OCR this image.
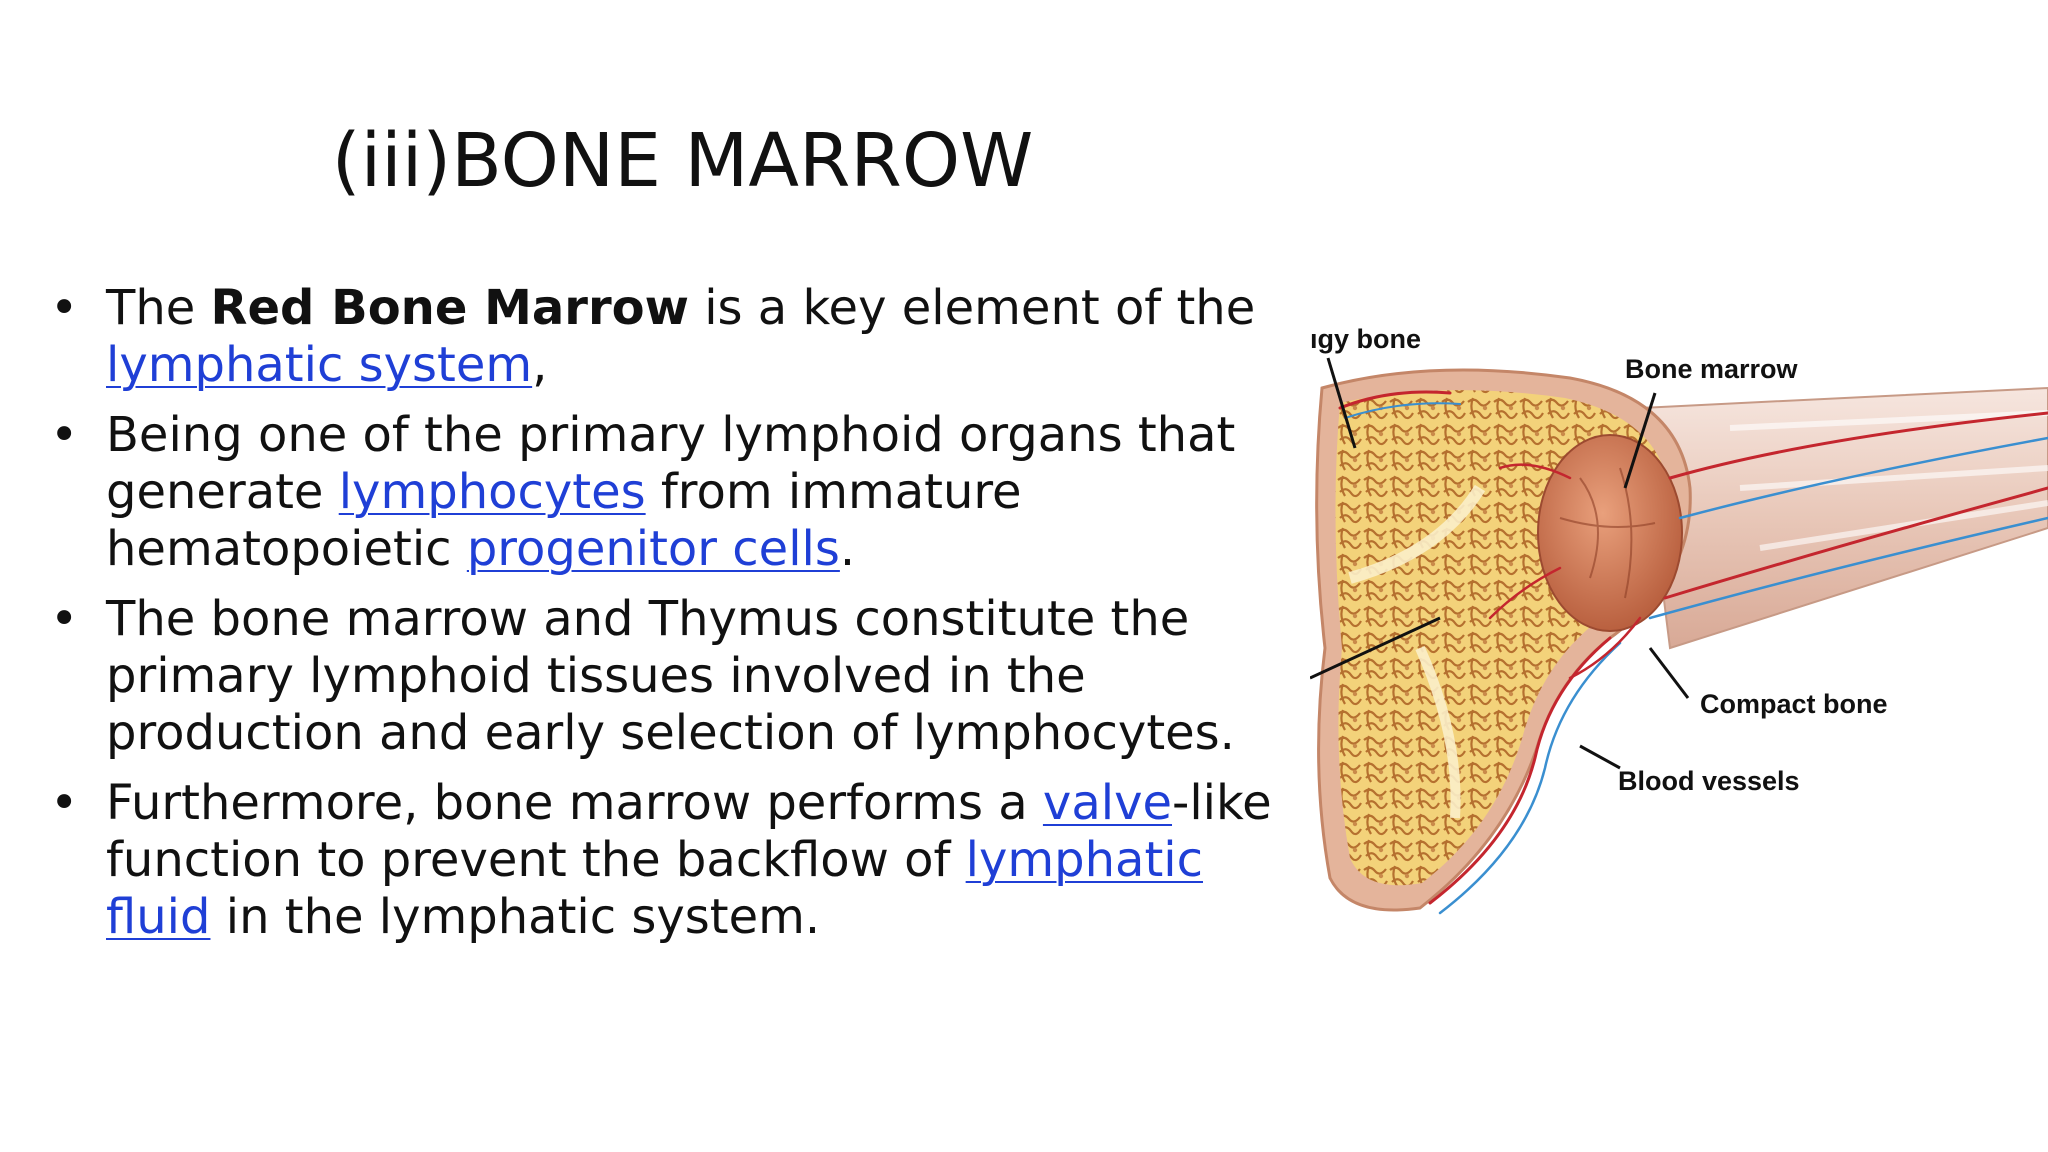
(iii)BONE MARROW
• The Red Bone Marrow is a key element of the lymphatic system,
• Being one of the primary lymphoid organs that generate lymphocytes from immature hematopoietic progenitor cells.
• The bone marrow and Thymus constitute the primary lymphoid tissues involved in the production and early selection of lymphocytes.
• Furthermore, bone marrow performs a valve-like function to prevent the backflow of lymphatic fluid in the lymphatic system.
ıgy bone
Bone marrow
Compact bone
Blood vessels
